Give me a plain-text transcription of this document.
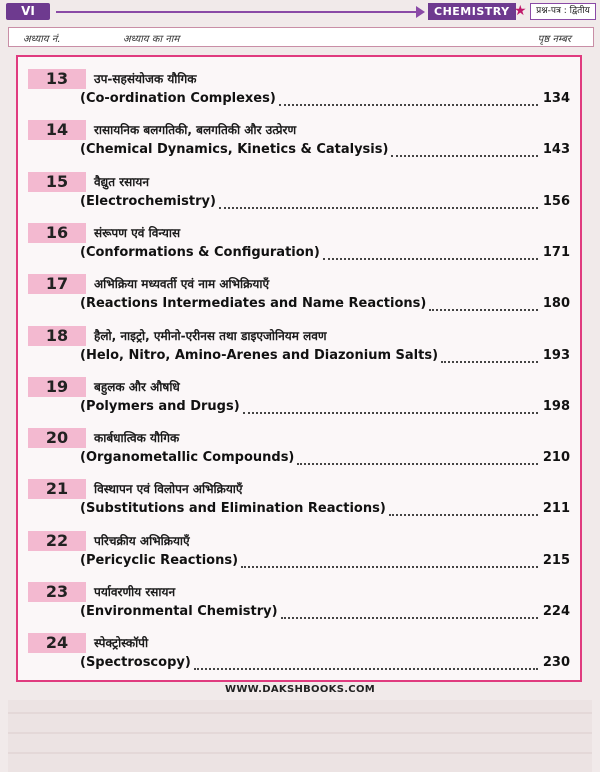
VI	CHEMISTRY ★	प्रश्न-पत्र : द्वितीय
अध्याय नं.	अध्याय का नाम	पृष्ठ नम्बर
13	उप-सहसंयोजक यौगिक
(Co-ordination Complexes)	134
14	रासायनिक बलगतिकी, बलगतिकी और उत्प्रेरण
(Chemical Dynamics, Kinetics & Catalysis)	143
15	वैद्युत रसायन
(Electrochemistry)	156
16	संरूपण एवं विन्यास
(Conformations & Configuration)	171
17	अभिक्रिया मध्यवर्ती एवं नाम अभिक्रियाएँ
(Reactions Intermediates and Name Reactions)	180
18	हैलो, नाइट्रो, एमीनो-एरीनस तथा डाइएजोनियम लवण
(Helo, Nitro, Amino-Arenes and Diazonium Salts)	193
19	बहुलक और औषधि
(Polymers and Drugs)	198
20	कार्बधात्विक यौगिक
(Organometallic Compounds)	210
21	विस्थापन एवं विलोपन अभिक्रियाएँ
(Substitutions and Elimination Reactions)	211
22	परिचक्रीय अभिक्रियाएँ
(Pericyclic Reactions)	215
23	पर्यावरणीय रसायन
(Environmental Chemistry)	224
24	स्पेक्ट्रोस्कॉपी
(Spectroscopy)	230
WWW.DAKSHBOOKS.COM
